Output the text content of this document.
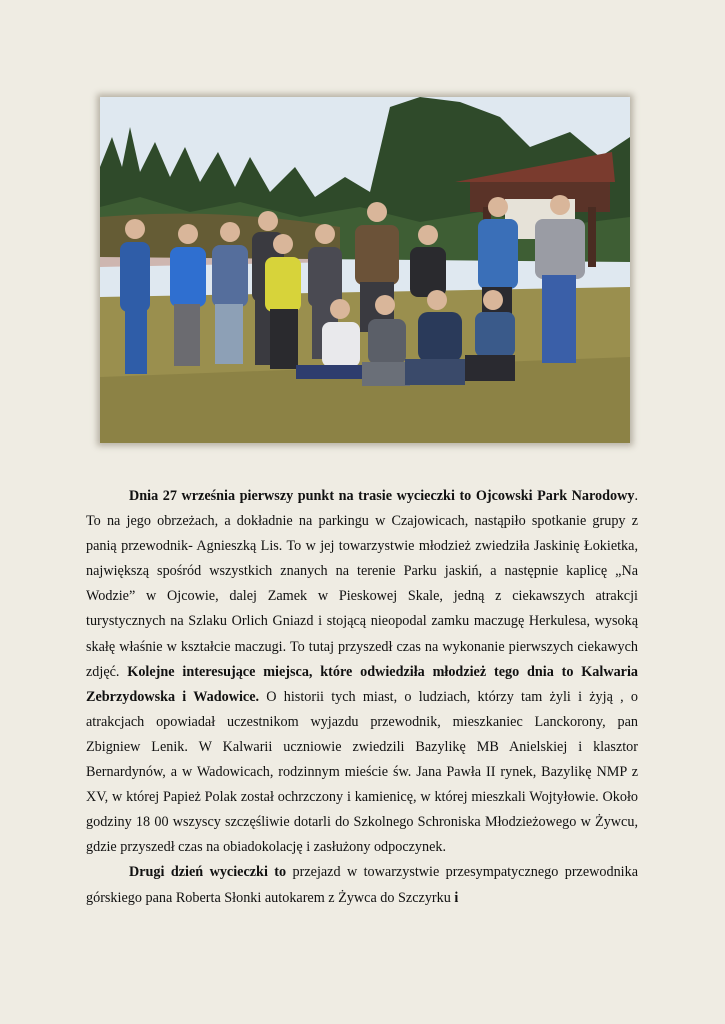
Dnia 27 września pierwszy punkt na trasie wycieczki to Ojcowski Park Narodowy. To na jego obrzeżach, a dokładnie na parkingu w Czajowicach, nastąpiło spotkanie grupy z panią przewodnik- Agnieszką Lis. To w jej towarzystwie młodzież zwiedziła Jaskinię Łokietka, największą spośród wszystkich znanych na terenie Parku jaskiń, a następnie kaplicę „Na Wodzie” w Ojcowie, dalej Zamek w Pieskowej Skale, jedną z ciekawszych atrakcji turystycznych na Szlaku Orlich Gniazd i stojącą nieopodal zamku maczugę Herkulesa, wysoką skałę właśnie w kształcie maczugi. To tutaj przyszedł czas na wykonanie pierwszych ciekawych zdjęć. Kolejne interesujące miejsca, które odwiedziła młodzież tego dnia to Kalwaria Zebrzydowska i Wadowice. O historii tych miast, o ludziach, którzy tam żyli i żyją , o atrakcjach opowiadał uczestnikom wyjazdu przewodnik, mieszkaniec Lanckorony, pan Zbigniew Lenik. W Kalwarii uczniowie zwiedzili Bazylikę MB Anielskiej i klasztor Bernardynów, a w Wadowicach, rodzinnym mieście św. Jana Pawła II rynek, Bazylikę NMP z XV, w której Papież Polak został ochrzczony i kamienicę, w której mieszkali Wojtyłowie. Około godziny 18 00 wszyscy szczęśliwie dotarli do Szkolnego Schroniska Młodzieżowego w Żywcu, gdzie przyszedł czas na obiadokolację i zasłużony odpoczynek.

Drugi dzień wycieczki to przejazd w towarzystwie przesympatycznego przewodnika górskiego pana Roberta Słonki autokarem z Żywca do Szczyrku i
